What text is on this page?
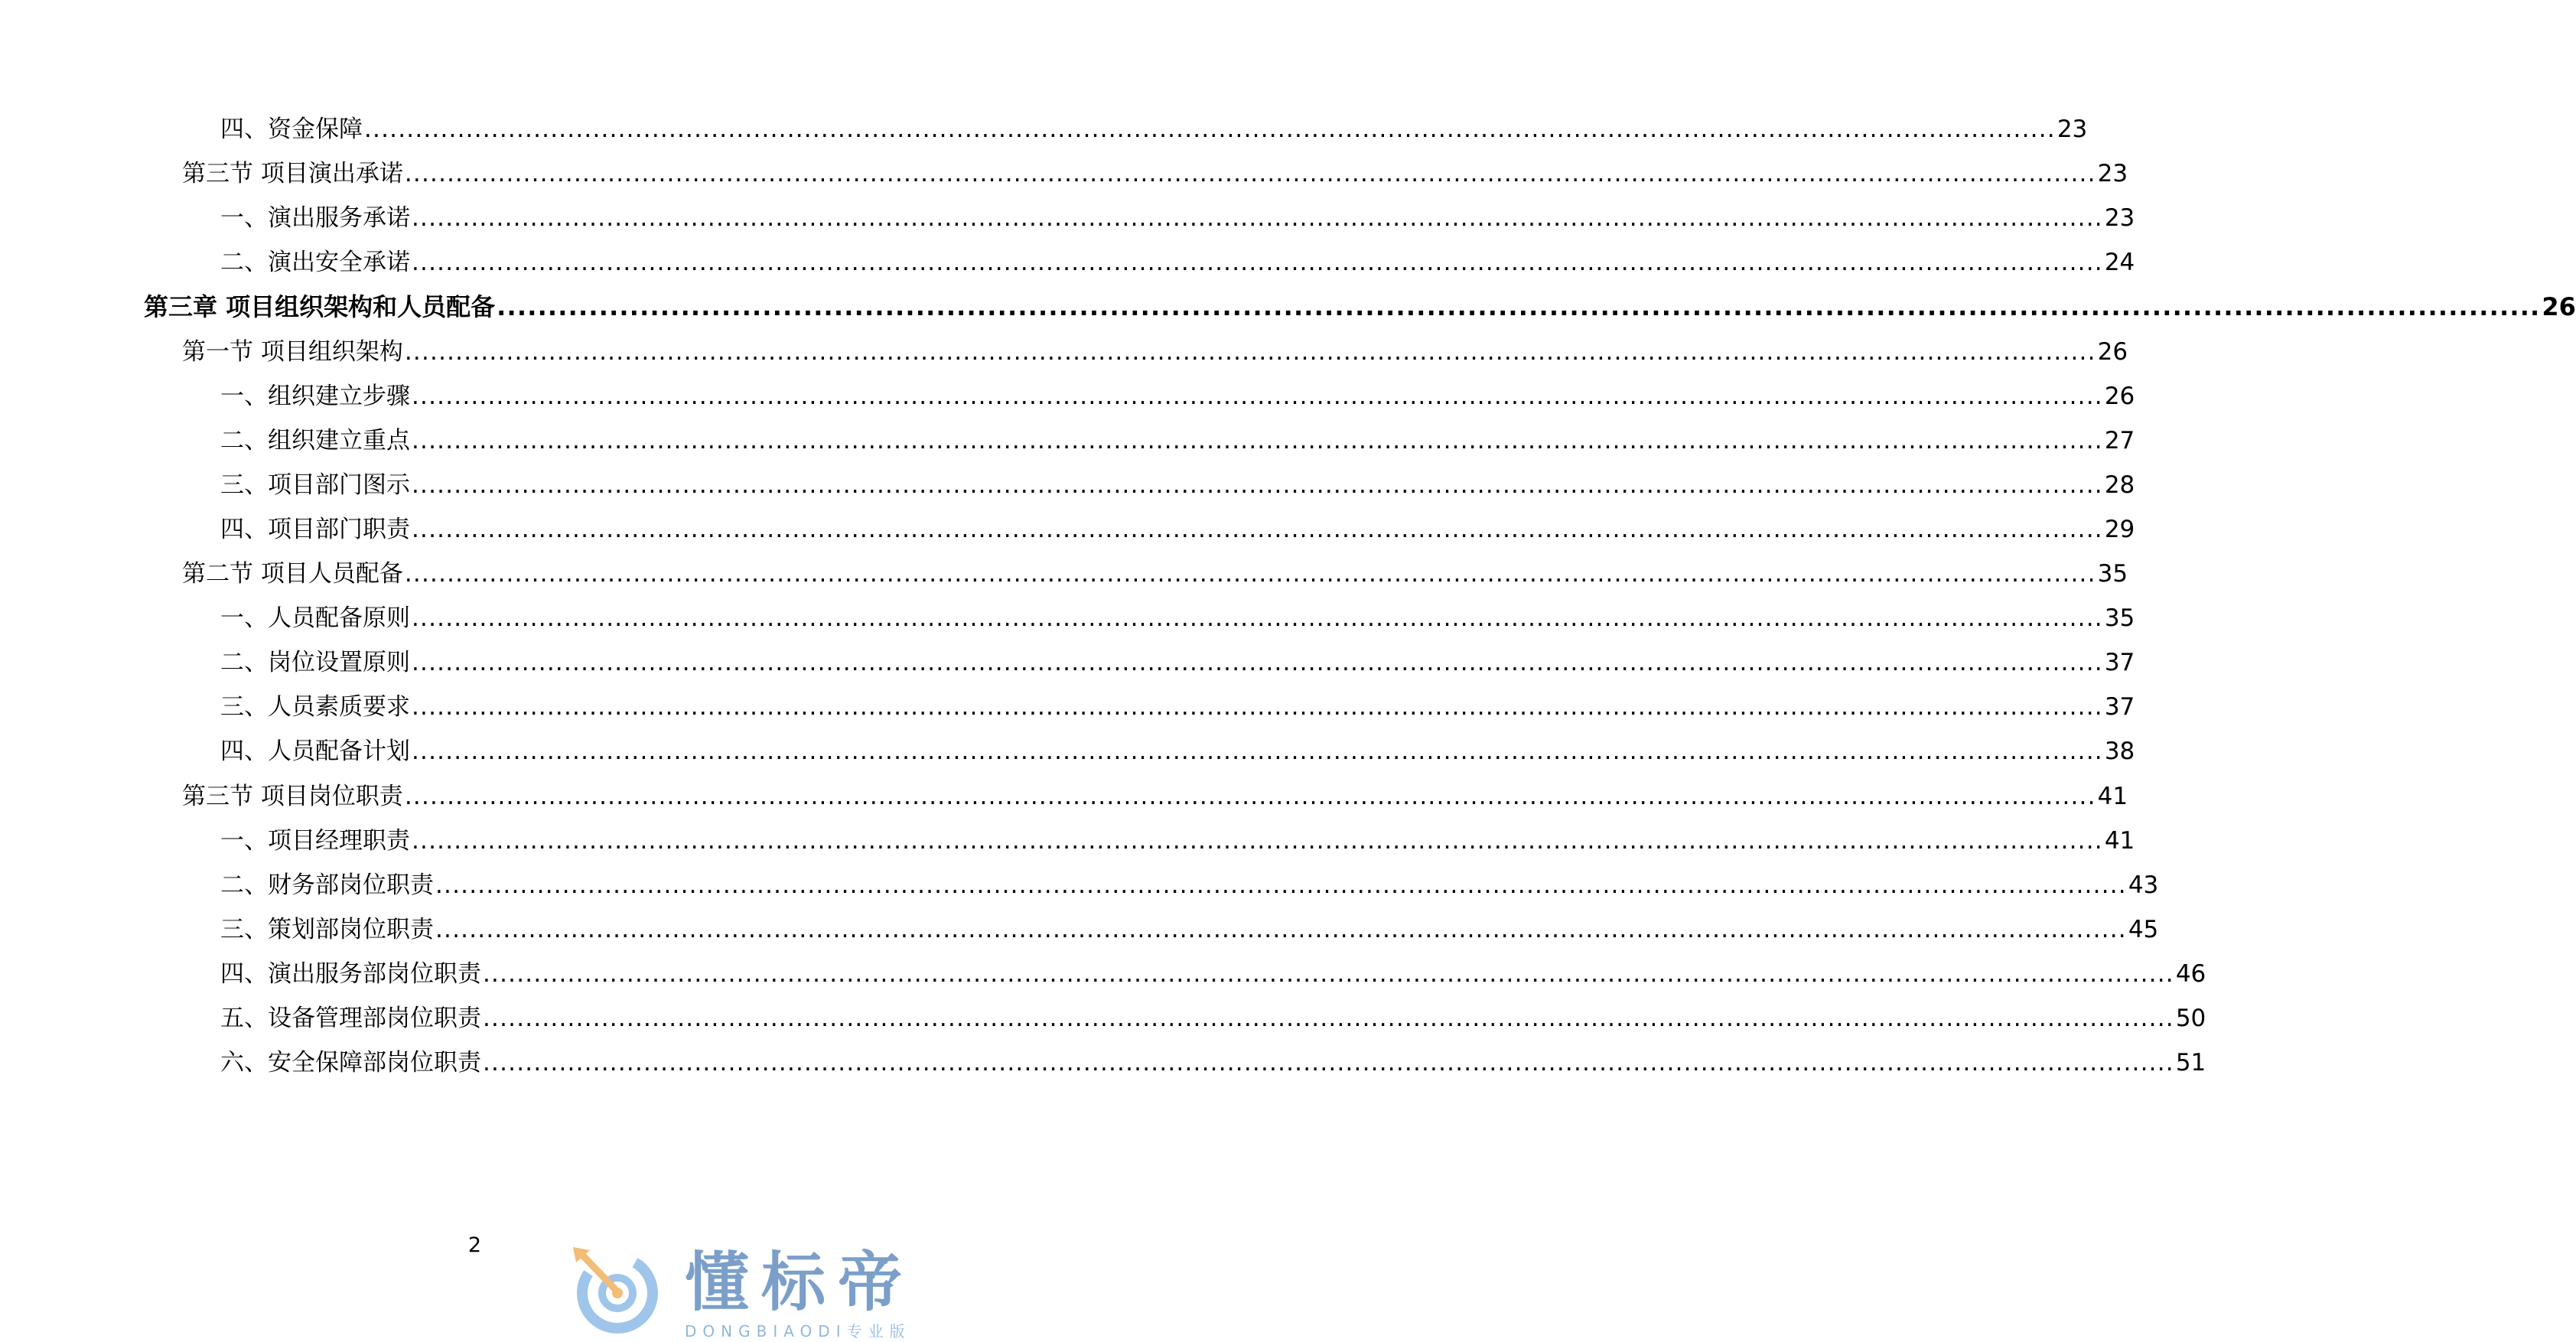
四、资金保障 ........................................................................................................................................................................................................ 23
第三节 项目演出承诺 ........................................................................................................................................................................................................ 23
一、演出服务承诺 ........................................................................................................................................................................................................ 23
二、演出安全承诺 ........................................................................................................................................................................................................ 24
第三章 项目组织架构和人员配备 ........................................................................................................................................................................................................ 26
第一节 项目组织架构 ........................................................................................................................................................................................................ 26
一、组织建立步骤 ........................................................................................................................................................................................................ 26
二、组织建立重点 ........................................................................................................................................................................................................ 27
三、项目部门图示 ........................................................................................................................................................................................................ 28
四、项目部门职责 ........................................................................................................................................................................................................ 29
第二节 项目人员配备 ........................................................................................................................................................................................................ 35
一、人员配备原则 ........................................................................................................................................................................................................ 35
二、岗位设置原则 ........................................................................................................................................................................................................ 37
三、人员素质要求 ........................................................................................................................................................................................................ 37
四、人员配备计划 ........................................................................................................................................................................................................ 38
第三节 项目岗位职责 ........................................................................................................................................................................................................ 41
一、项目经理职责 ........................................................................................................................................................................................................ 41
二、财务部岗位职责 ........................................................................................................................................................................................................ 43
三、策划部岗位职责 ........................................................................................................................................................................................................ 45
四、演出服务部岗位职责 ........................................................................................................................................................................................................ 46
五、设备管理部岗位职责 ........................................................................................................................................................................................................ 50
六、安全保障部岗位职责 ........................................................................................................................................................................................................ 51
2	懂标帝
DONGBIAODI专业版
